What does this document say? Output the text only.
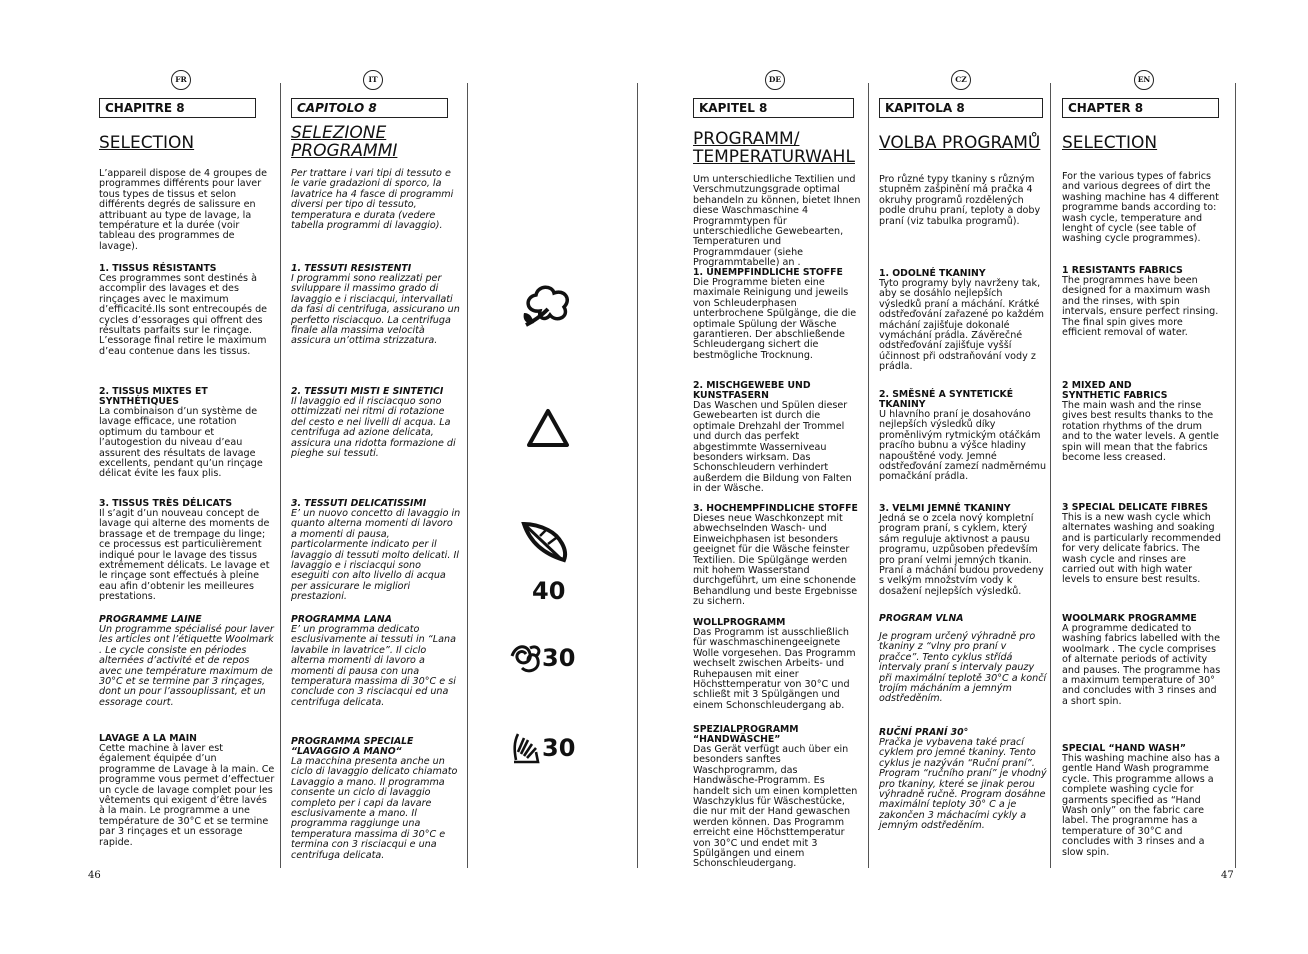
FR
CHAPITRE 8
SELECTION

L’appareil dispose de 4 groupes de programmes différents pour laver tous types de tissus et selon différents degrés de salissure en attribuant au type de lavage, la température et la durée (voir tableau des programmes de lavage).

1. TISSUS RÉSISTANTS

Ces programmes sont destinés à accomplir des lavages et des rinçages avec le maximum d’efficacité.Ils sont entrecoupés de cycles d’essorages qui offrent des résultats parfaits sur le rinçage. L’essorage final retire le maximum d’eau contenue dans les tissus.

2. TISSUS MIXTES ET SYNTHÉTIQUES

La combinaison d’un système de lavage efficace, une rotation optimum du tambour et l’autogestion du niveau d’eau assurent des résultats de lavage excellents, pendant qu’un rinçage délicat évite les faux plis.

3. TISSUS TRÈS DÉLICATS

Il s’agit d’un nouveau concept de lavage qui alterne des moments de brassage et de trempage du linge; ce processus est particulièrement indiqué pour le lavage des tissus extrêmement délicats. Le lavage et le rinçage sont effectués à pleine eau afin d’obtenir les meilleures prestations.

PROGRAMME LAINE

Un programme spécialisé pour laver les articles ont l’étiquette Woolmark . Le cycle consiste en périodes alternées d’activité et de repos avec une température maximum de 30°C et se termine par 3 rinçages, dont un pour l’assouplissant, et un essorage court.

LAVAGE A LA MAIN

Cette machine à laver est également équipée d’un programme de Lavage à la main. Ce programme vous permet d’effectuer un cycle de lavage complet pour les vêtements qui exigent d’être lavés à la main. Le programme a une température de 30°C et se termine par 3 rinçages et un essorage rapide.

IT
CAPITOLO 8
SELEZIONE PROGRAMMI

Per trattare i vari tipi di tessuto e le varie gradazioni di sporco, la lavatrice ha 4 fasce di programmi diversi per tipo di tessuto, temperatura e durata (vedere tabella programmi di lavaggio).

1. TESSUTI RESISTENTI

I programmi sono realizzati per sviluppare il massimo grado di lavaggio e i risciacqui, intervallati da fasi di centrifuga, assicurano un perfetto risciacquo. La centrifuga finale alla massima velocità assicura un’ottima strizzatura.

2. TESSUTI MISTI E SINTETICI

Il lavaggio ed il risciacquo sono ottimizzati nei ritmi di rotazione del cesto e nei livelli di acqua. La centrifuga ad azione delicata, assicura una ridotta formazione di pieghe sui tessuti.

3. TESSUTI DELICATISSIMI

E’ un nuovo concetto di lavaggio in quanto alterna momenti di lavoro a momenti di pausa, particolarmente indicato per il lavaggio di tessuti molto delicati. Il lavaggio e i risciacqui sono eseguiti con alto livello di acqua per assicurare le migliori prestazioni.

PROGRAMMA LANA

E’ un programma dedicato esclusivamente ai tessuti in “Lana lavabile in lavatrice”. Il ciclo alterna momenti di lavoro a momenti di pausa con una temperatura massima di 30°C e si conclude con 3 risciacqui ed una centrifuga delicata.

PROGRAMMA SPECIALE “LAVAGGIO A MANO“

La macchina presenta anche un ciclo di lavaggio delicato chiamato Lavaggio a mano. Il programma consente un ciclo di lavaggio completo per i capi da lavare esclusivamente a mano. Il programma raggiunge una temperatura massima di 30°C e termina con 3 risciacqui e una centrifuga delicata.

40
30
30
DE
KAPITEL 8
PROGRAMM/ TEMPERATURWAHL

Um unterschiedliche Textilien und Verschmutzungsgrade optimal behandeln zu können, bietet Ihnen diese Waschmaschine 4 Programmtypen für unterschiedliche Gewebearten, Temperaturen und Programmdauer (siehe Programmtabelle) an .

1. UNEMPFINDLICHE STOFFE

Die Programme bieten eine maximale Reinigung und jeweils von Schleuderphasen unterbrochene Spülgänge, die die optimale Spülung der Wäsche garantieren. Der abschließende Schleudergang sichert die bestmögliche Trocknung.

2. MISCHGEWEBE UND KUNSTFASERN

Das Waschen und Spülen dieser Gewebearten ist durch die optimale Drehzahl der Trommel und durch das perfekt abgestimmte Wasserniveau besonders wirksam. Das Schonschleudern verhindert außerdem die Bildung von Falten in der Wäsche.

3. HOCHEMPFINDLICHE STOFFE

Dieses neue Waschkonzept mit abwechselnden Wasch- und Einweichphasen ist besonders geeignet für die Wäsche feinster Textilien. Die Spülgänge werden mit hohem Wasserstand durchgeführt, um eine schonende Behandlung und beste Ergebnisse zu sichern.

WOLLPROGRAMM

Das Programm ist ausschließlich für waschmaschinengeeignete Wolle vorgesehen. Das Programm wechselt zwischen Arbeits- und Ruhepausen mit einer Höchsttemperatur von 30°C und schließt mit 3 Spülgängen und einem Schonschleudergang ab.

SPEZIALPROGRAMM “HANDWÄSCHE”

Das Gerät verfügt auch über ein besonders sanftes Waschprogramm, das Handwäsche-Programm. Es handelt sich um einen kompletten Waschzyklus für Wäschestücke, die nur mit der Hand gewaschen werden können. Das Programm erreicht eine Höchsttemperatur von 30°C und endet mit 3 Spülgängen und einem Schonschleudergang.

CZ
KAPITOLA 8
VOLBA PROGRAMŮ

Pro různé typy tkaniny s různým stupněm zašpinění má pračka 4 okruhy programů rozdělených podle druhu praní, teploty a doby praní (viz tabulka programů).

1. ODOLNÉ TKANINY

Tyto programy byly navrženy tak, aby se dosáhlo nejlepších výsledků praní a máchání. Krátké odstřeďování zařazené po každém máchání zajišťuje dokonalé vymáchání prádla. Závěrečné odstřeďování zajišťuje vyšší účinnost při odstraňování vody z prádla.

2. SMĚSNÉ A SYNTETICKÉ TKANINY

U hlavního praní je dosahováno nejlepších výsledků díky proměnlivým rytmickým otáčkám pracího bubnu a výšce hladiny napouštěné vody. Jemné odstřeďování zamezí nadměrnému pomačkání prádla.

3. VELMI JEMNÉ TKANINY

Jedná se o zcela nový kompletní program praní, s cyklem, který sám reguluje aktivnost a pausu programu, uzpůsoben především pro praní velmi jemných tkanin. Praní a máchání budou provedeny s velkým množstvím vody k dosažení nejlepších výsledků.

PROGRAM VLNA

Je program určený výhradně pro tkaniny z “vlny pro praní v pračce”. Tento cyklus střídá intervaly praní s intervaly pauzy při maximální teplotě 30°C a končí trojím mácháním a jemným odstředěním.

RUČNÍ PRANÍ 30°

Pračka je vybavena také prací cyklem pro jemné tkaniny. Tento cyklus je nazýván “Ruční praní”. Program “ručního praní” je vhodný pro tkaniny, které se jinak perou výhradně ručně. Program dosáhne maximální teploty 30° C a je zakončen 3 máchacími cykly a jemným odstředěním.

EN
CHAPTER 8
SELECTION

For the various types of fabrics and various degrees of dirt the washing machine has 4 different programme bands according to: wash cycle, temperature and lenght of cycle (see table of washing cycle programmes).

1 RESISTANTS FABRICS

The programmes have been designed for a maximum wash and the rinses, with spin intervals, ensure perfect rinsing. The final spin gives more efficient removal of water.

2 MIXED AND SYNTHETIC FABRICS

The main wash and the rinse gives best results thanks to the rotation rhythms of the drum and to the water levels. A gentle spin will mean that the fabrics become less creased.

3 SPECIAL DELICATE FIBRES

This is a new wash cycle which alternates washing and soaking and is particularly recommended for very delicate fabrics. The wash cycle and rinses are carried out with high water levels to ensure best results.

WOOLMARK PROGRAMME

A programme dedicated to washing fabrics labelled with the woolmark . The cycle comprises of alternate periods of activity and pauses. The programme has a maximum temperature of 30° and concludes with 3 rinses and a short spin.

SPECIAL “HAND WASH”

This washing machine also has a gentle Hand Wash programme cycle. This programme allows a complete washing cycle for garments specified as “Hand Wash only” on the fabric care label. The programme has a temperature of 30°C and concludes with 3 rinses and a slow spin.

46	47
